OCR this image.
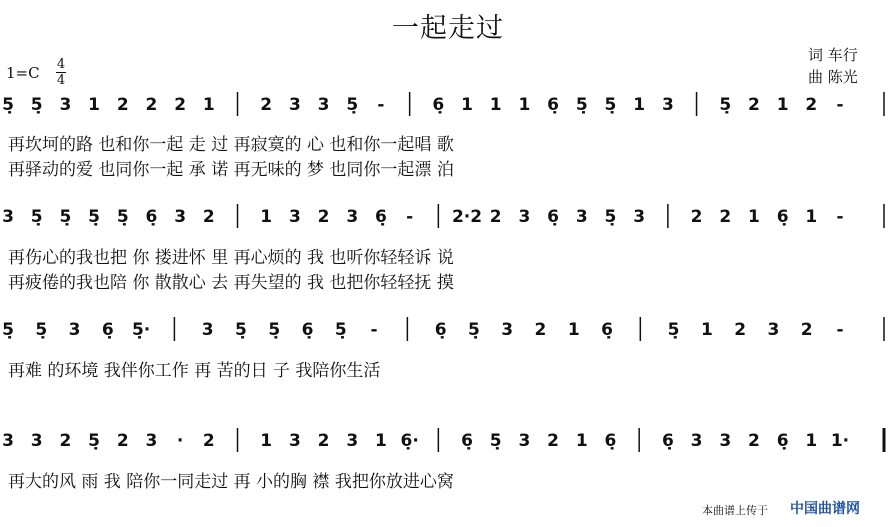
5̣ 5̣ 3 1 2 2 2 1	2 3 3 5̣ -	6̣ 1 1 1 6̣ 5̣ 5̣ 1 3	5̣ 2 1 2 -
3 5̣ 5̣ 5̣ 5̣ 6̣ 3 2	1 3 2 3 6̣ - 2·2 2 3 6̣ 3 5̣ 3	2 2 1 6̣ 1 -
5̣ 5̣ 3 6̣ 5̣·	3 5̣ 5̣ 6̣ 5̣ -	6̣ 5̣ 3 2 1 6̣	5̣ 1 2 3 2 -
3 3 2 5̣ 2 3 · 2	1 3 2 3 1 6̣· 6̣ 5̣ 3 2 1 6̣	6̣ 3 3 2 6̣ 1 1·
一起走过
词 车行
曲 陈光
1=C 4
4
再坎坷的路 也和你一起 走 过 再寂寞的 心 也和你一起唱 歌
再驿动的爱 也同你一起 承 诺 再无味的 梦 也同你一起漂 泊
再伤心的我也把 你 搂进怀 里 再心烦的 我 也听你轻轻诉 说
再疲倦的我也陪 你 散散心 去 再失望的 我 也把你轻轻抚 摸
再难 的环境 我伴你工作 再 苦的日 子 我陪你生活
再大的风 雨 我 陪你一同走过 再 小的胸 襟 我把你放进心窝
本曲谱上传于 中国曲谱网
